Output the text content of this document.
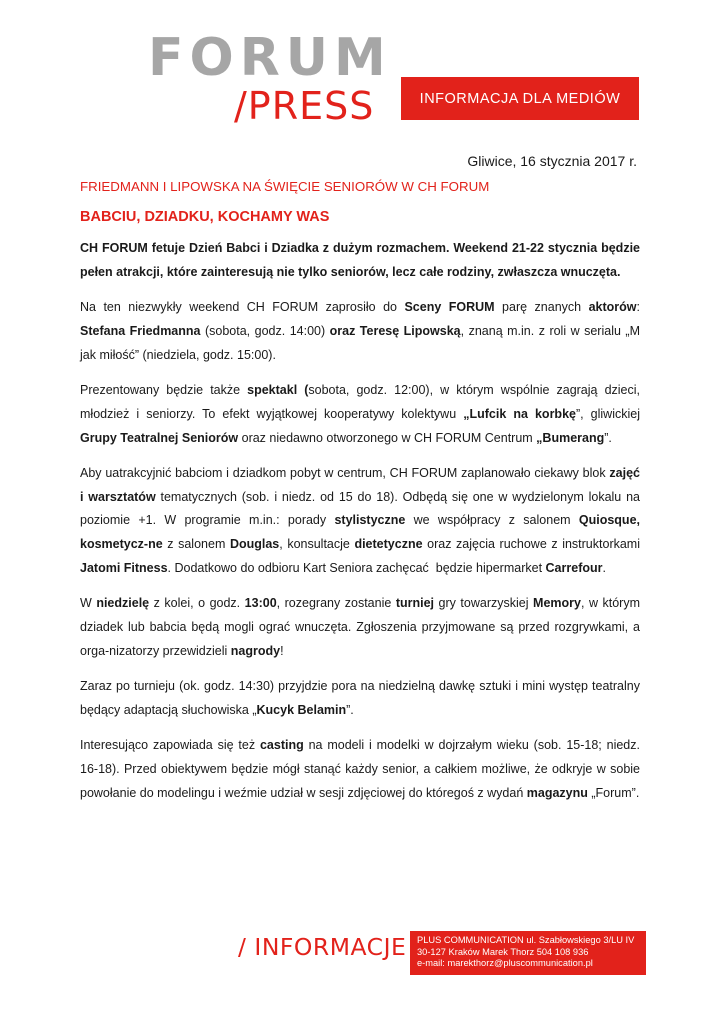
FORUM
/PRESS	INFORMACJA DLA MEDIÓW
Gliwice, 16 stycznia 2017 r.
FRIEDMANN I LIPOWSKA NA ŚWIĘCIE SENIORÓW W CH FORUM
BABCIU, DZIADKU, KOCHAMY WAS

CH FORUM fetuje Dzień Babci i Dziadka z dużym rozmachem. Weekend 21-22 stycznia będzie pełen atrakcji, które zainteresują nie tylko seniorów, lecz całe rodziny, zwłaszcza wnuczęta.

Na ten niezwykły weekend CH FORUM zaprosiło do Sceny FORUM parę znanych aktorów: Stefana Friedmanna (sobota, godz. 14:00) oraz Teresę Lipowską, znaną m.in. z roli w serialu „M jak miłość” (niedziela, godz. 15:00).

Prezentowany będzie także spektakl (sobota, godz. 12:00), w którym wspólnie zagrają dzieci, młodzież i seniorzy. To efekt wyjątkowej kooperatywy kolektywu „Lufcik na korbkę”, gliwickiej Grupy Teatralnej Seniorów oraz niedawno otworzonego w CH FORUM Centrum „Bumerang”.

Aby uatrakcyjnić babciom i dziadkom pobyt w centrum, CH FORUM zaplanowało ciekawy blok zajęć i warsztatów tematycznych (sob. i niedz. od 15 do 18). Odbędą się one w wydzielonym lokalu na poziomie +1. W programie m.in.: porady stylistyczne we współpracy z salonem Quiosque, kosmetycz-ne z salonem Douglas, konsultacje dietetyczne oraz zajęcia ruchowe z instruktorkami Jatomi Fitness. Dodatkowo do odbioru Kart Seniora zachęcać  będzie hipermarket Carrefour.

W niedzielę z kolei, o godz. 13:00, rozegrany zostanie turniej gry towarzyskiej Memory, w którym dziadek lub babcia będą mogli ograć wnuczęta. Zgłoszenia przyjmowane są przed rozgrywkami, a orga-nizatorzy przewidzieli nagrody!

Zaraz po turnieju (ok. godz. 14:30) przyjdzie pora na niedzielną dawkę sztuki i mini występ teatralny będący adaptacją słuchowiska „Kucyk Belamin”.

Interesująco zapowiada się też casting na modeli i modelki w dojrzałym wieku (sob. 15-18; niedz. 16-18). Przed obiektywem będzie mógł stanąć każdy senior, a całkiem możliwe, że odkryje w sobie powołanie do modelingu i weźmie udział w sesji zdjęciowej do któregoś z wydań magazynu „Forum”.

/ INFORMACJE PLUS COMMUNICATION ul. Szabłowskiego 3/LU IV
30-127 Kraków Marek Thorz 504 108 936
e-mail: marekthorz@pluscommunication.pl
